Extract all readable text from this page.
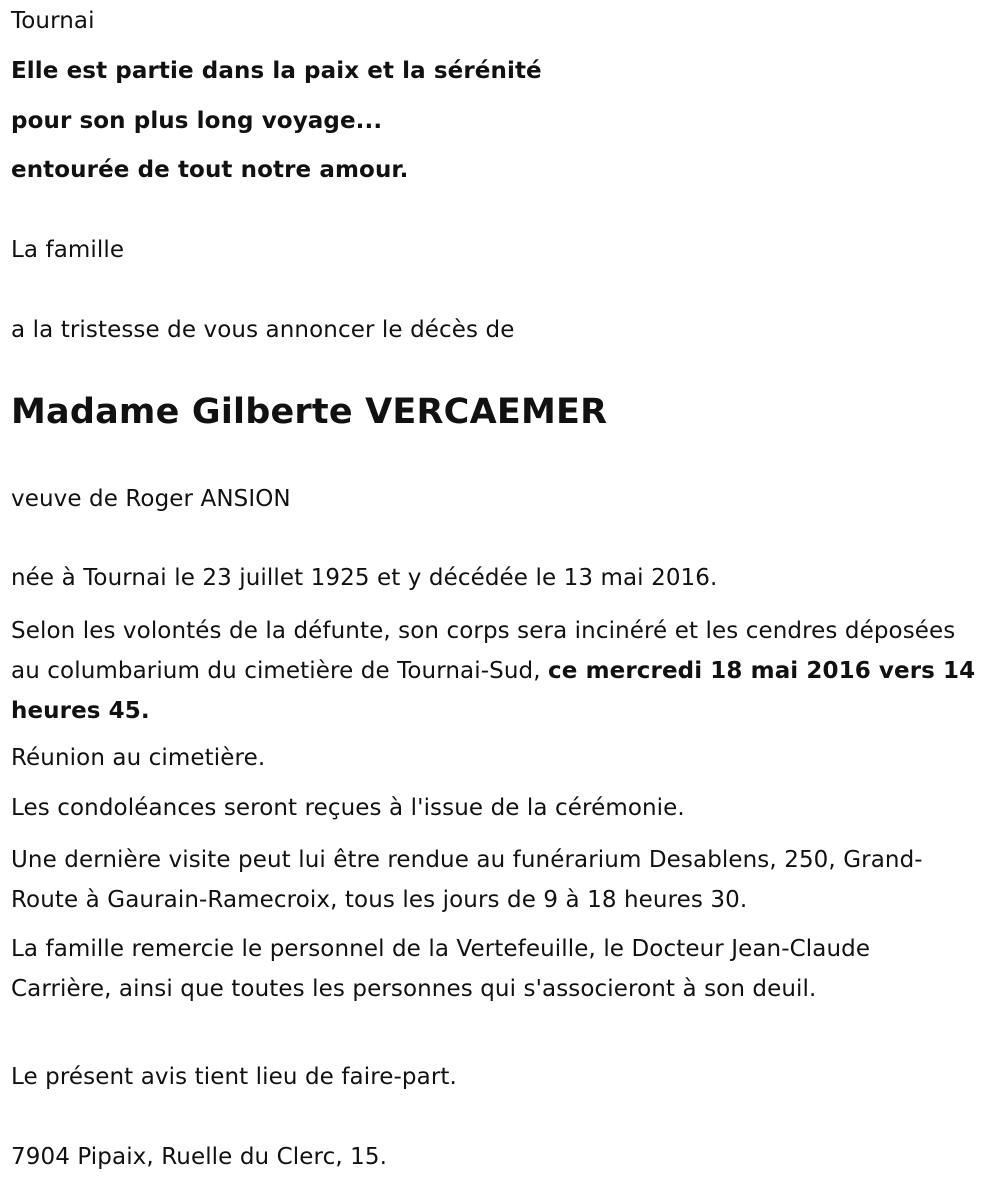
Tournai

Elle est partie dans la paix et la sérénité

pour son plus long voyage...

entourée de tout notre amour.

La famille

a la tristesse de vous annoncer le décès de

Madame Gilberte VERCAEMER

veuve de Roger ANSION

née à Tournai le 23 juillet 1925 et y décédée le 13 mai 2016.

Selon les volontés de la défunte, son corps sera incinéré et les cendres déposées au columbarium du cimetière de Tournai-Sud, ce mercredi 18 mai 2016 vers 14 heures 45.

Réunion au cimetière.

Les condoléances seront reçues à l'issue de la cérémonie.

Une dernière visite peut lui être rendue au funérarium Desablens, 250, Grand-Route à Gaurain-Ramecroix, tous les jours de 9 à 18 heures 30.

La famille remercie le personnel de la Vertefeuille, le Docteur Jean-Claude Carrière, ainsi que toutes les personnes qui s'associeront à son deuil.

Le présent avis tient lieu de faire-part.

7904 Pipaix, Ruelle du Clerc, 15.
